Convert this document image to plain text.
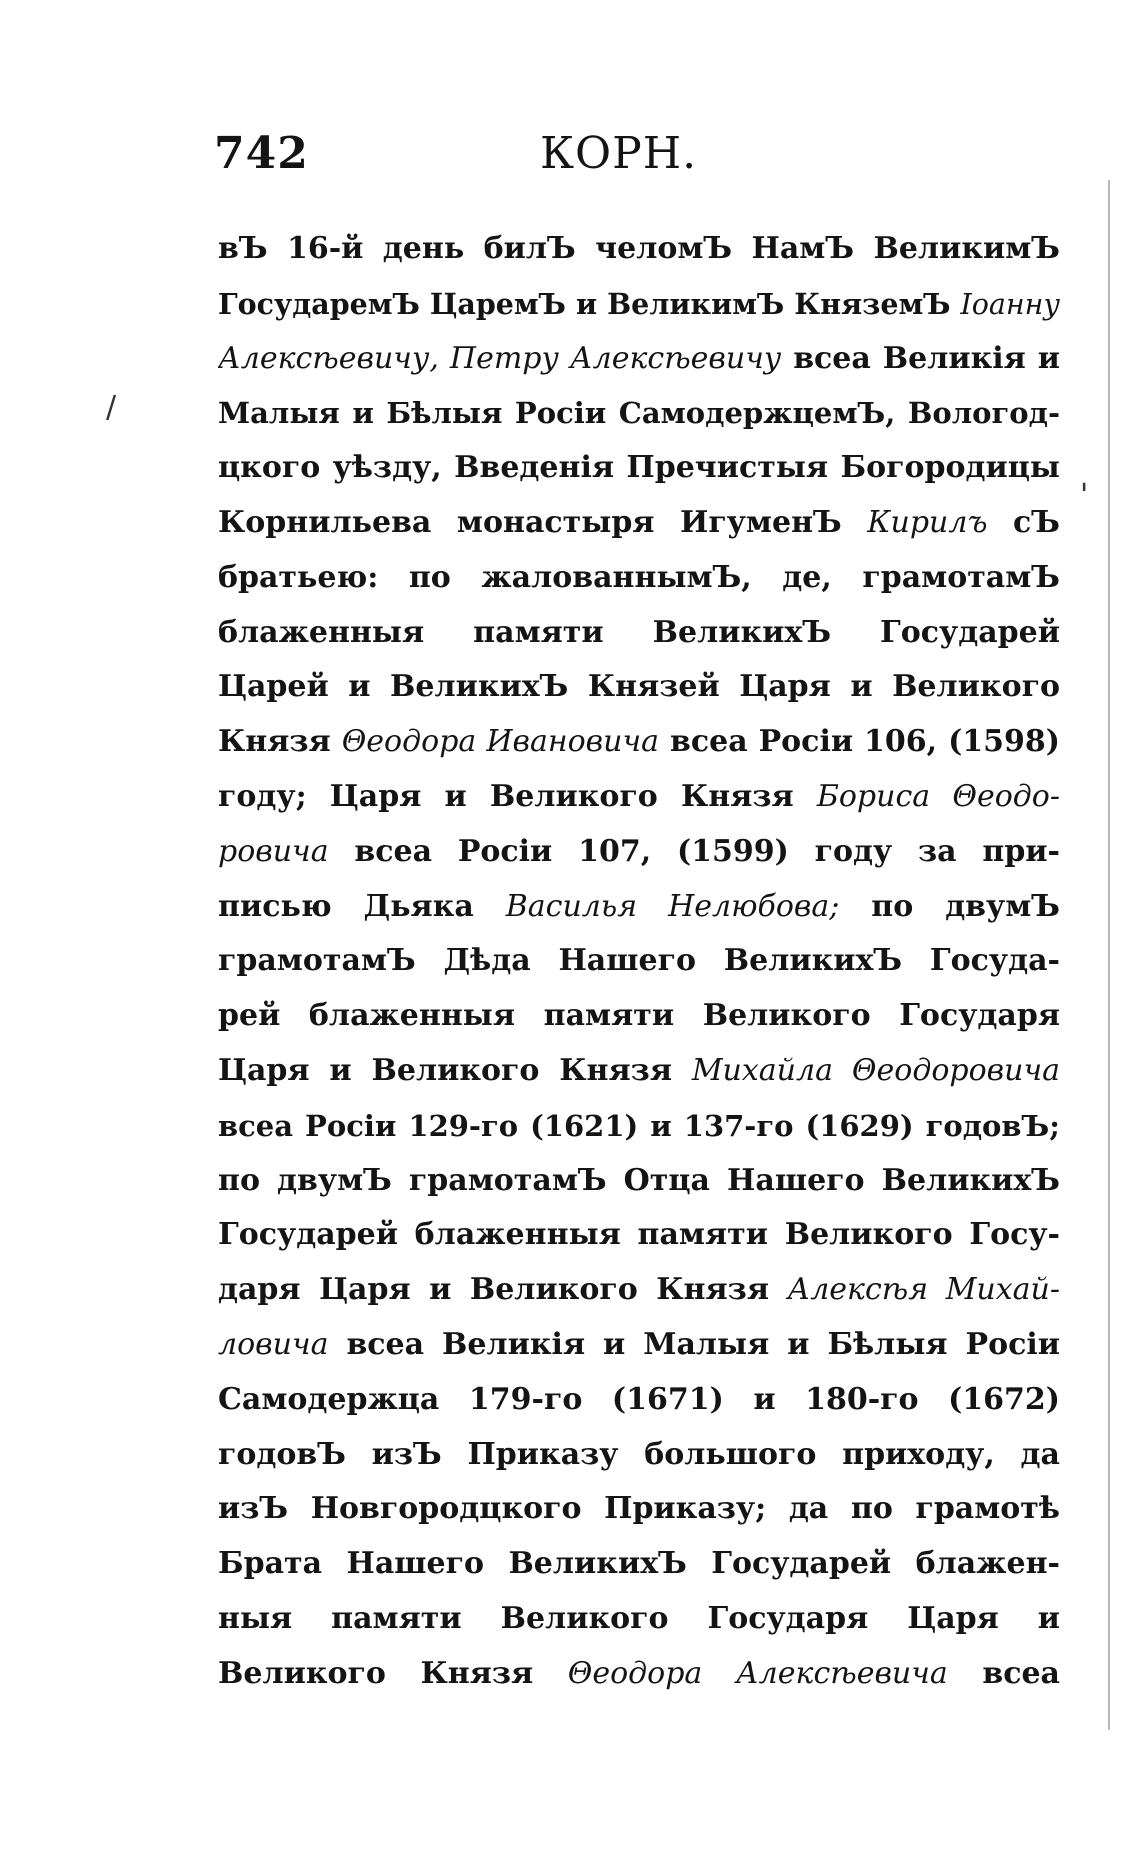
742	КОРН.
вЪ 16-й день билЪ челомЪ НамЪ ВеликимЪ
ГосударемЪ ЦаремЪ и ВеликимЪ КняземЪ Іоанну
Алексѣевичу, Петру Алексѣевичу всеа Великія и
Малыя и Бѣлыя Росіи СамодержцемЪ, Вологод-
цкого уѣзду, Введенія Пречистыя Богородицы
Корнильева монастыря ИгуменЪ Кирилъ сЪ
братьею: по жалованнымЪ, де, грамотамЪ
блаженныя памяти ВеликихЪ Государей
Царей и ВеликихЪ Князей Царя и Великого
Князя Θеодора Ивановича всеа Росіи 106, (1598)
году; Царя и Великого Князя Бориса Θеодо-
ровича всеа Росіи 107, (1599) году за при-
писью Дьяка Василья Нелюбова; по двумЪ
грамотамЪ Дѣда Нашего ВеликихЪ Госуда-
рей блаженныя памяти Великого Государя
Царя и Великого Князя Михайла Θеодоровича
всеа Росіи 129-го (1621) и 137-го (1629) годовЪ;
по двумЪ грамотамЪ Отца Нашего ВеликихЪ
Государей блаженныя памяти Великого Госу-
даря Царя и Великого Князя Алексѣя Михай-
ловича всеа Великія и Малыя и Бѣлыя Росіи
Самодержца 179-го (1671) и 180-го (1672)
годовЪ изЪ Приказу большого приходу, да
изЪ Новгородцкого Приказу; да по грамотѣ
Брата Нашего ВеликихЪ Государей блажен-
ныя памяти Великого Государя Царя и
Великого Князя Θеодора Алексѣевича всеа
/
'
